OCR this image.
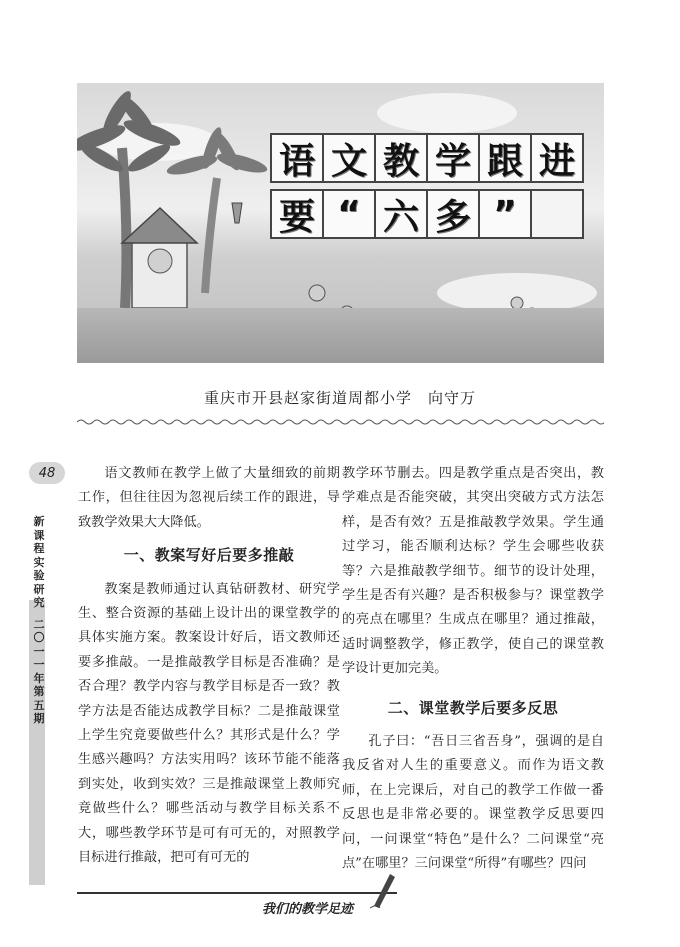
语 文 教 学 跟 进
要 “ 六 多 ”
重庆市开县赵家街道周都小学　向守万
48
新课程实验研究
二〇一一年
第五期

语文教师在教学上做了大量细致的前期工作，但往往因为忽视后续工作的跟进，导致教学效果大大降低。

一、教案写好后要多推敲

教案是教师通过认真钻研教材、研究学生、整合资源的基础上设计出的课堂教学的具体实施方案。教案设计好后，语文教师还要多推敲。一是推敲教学目标是否准确？是否合理？教学内容与教学目标是否一致？教学方法是否能达成教学目标？二是推敲课堂上学生究竟要做些什么？其形式是什么？学生感兴趣吗？方法实用吗？该环节能不能落到实处，收到实效？三是推敲课堂上教师究竟做些什么？哪些活动与教学目标关系不大，哪些教学环节是可有可无的，对照教学目标进行推敲，把可有可无的

教学环节删去。四是教学重点是否突出，教学难点是否能突破，其突出突破方式方法怎样，是否有效？五是推敲教学效果。学生通过学习，能否顺利达标？学生会哪些收获等？六是推敲教学细节。细节的设计处理，学生是否有兴趣？是否积极参与？课堂教学的亮点在哪里？生成点在哪里？通过推敲，适时调整教学，修正教学，使自己的课堂教学设计更加完美。

二、课堂教学后要多反思

孔子曰：“吾日三省吾身”，强调的是自我反省对人生的重要意义。而作为语文教师，在上完课后，对自己的教学工作做一番反思也是非常必要的。课堂教学反思要四问，一问课堂“特色”是什么？二问课堂“亮点”在哪里？三问课堂“所得”有哪些？四问

我们的教学足迹
